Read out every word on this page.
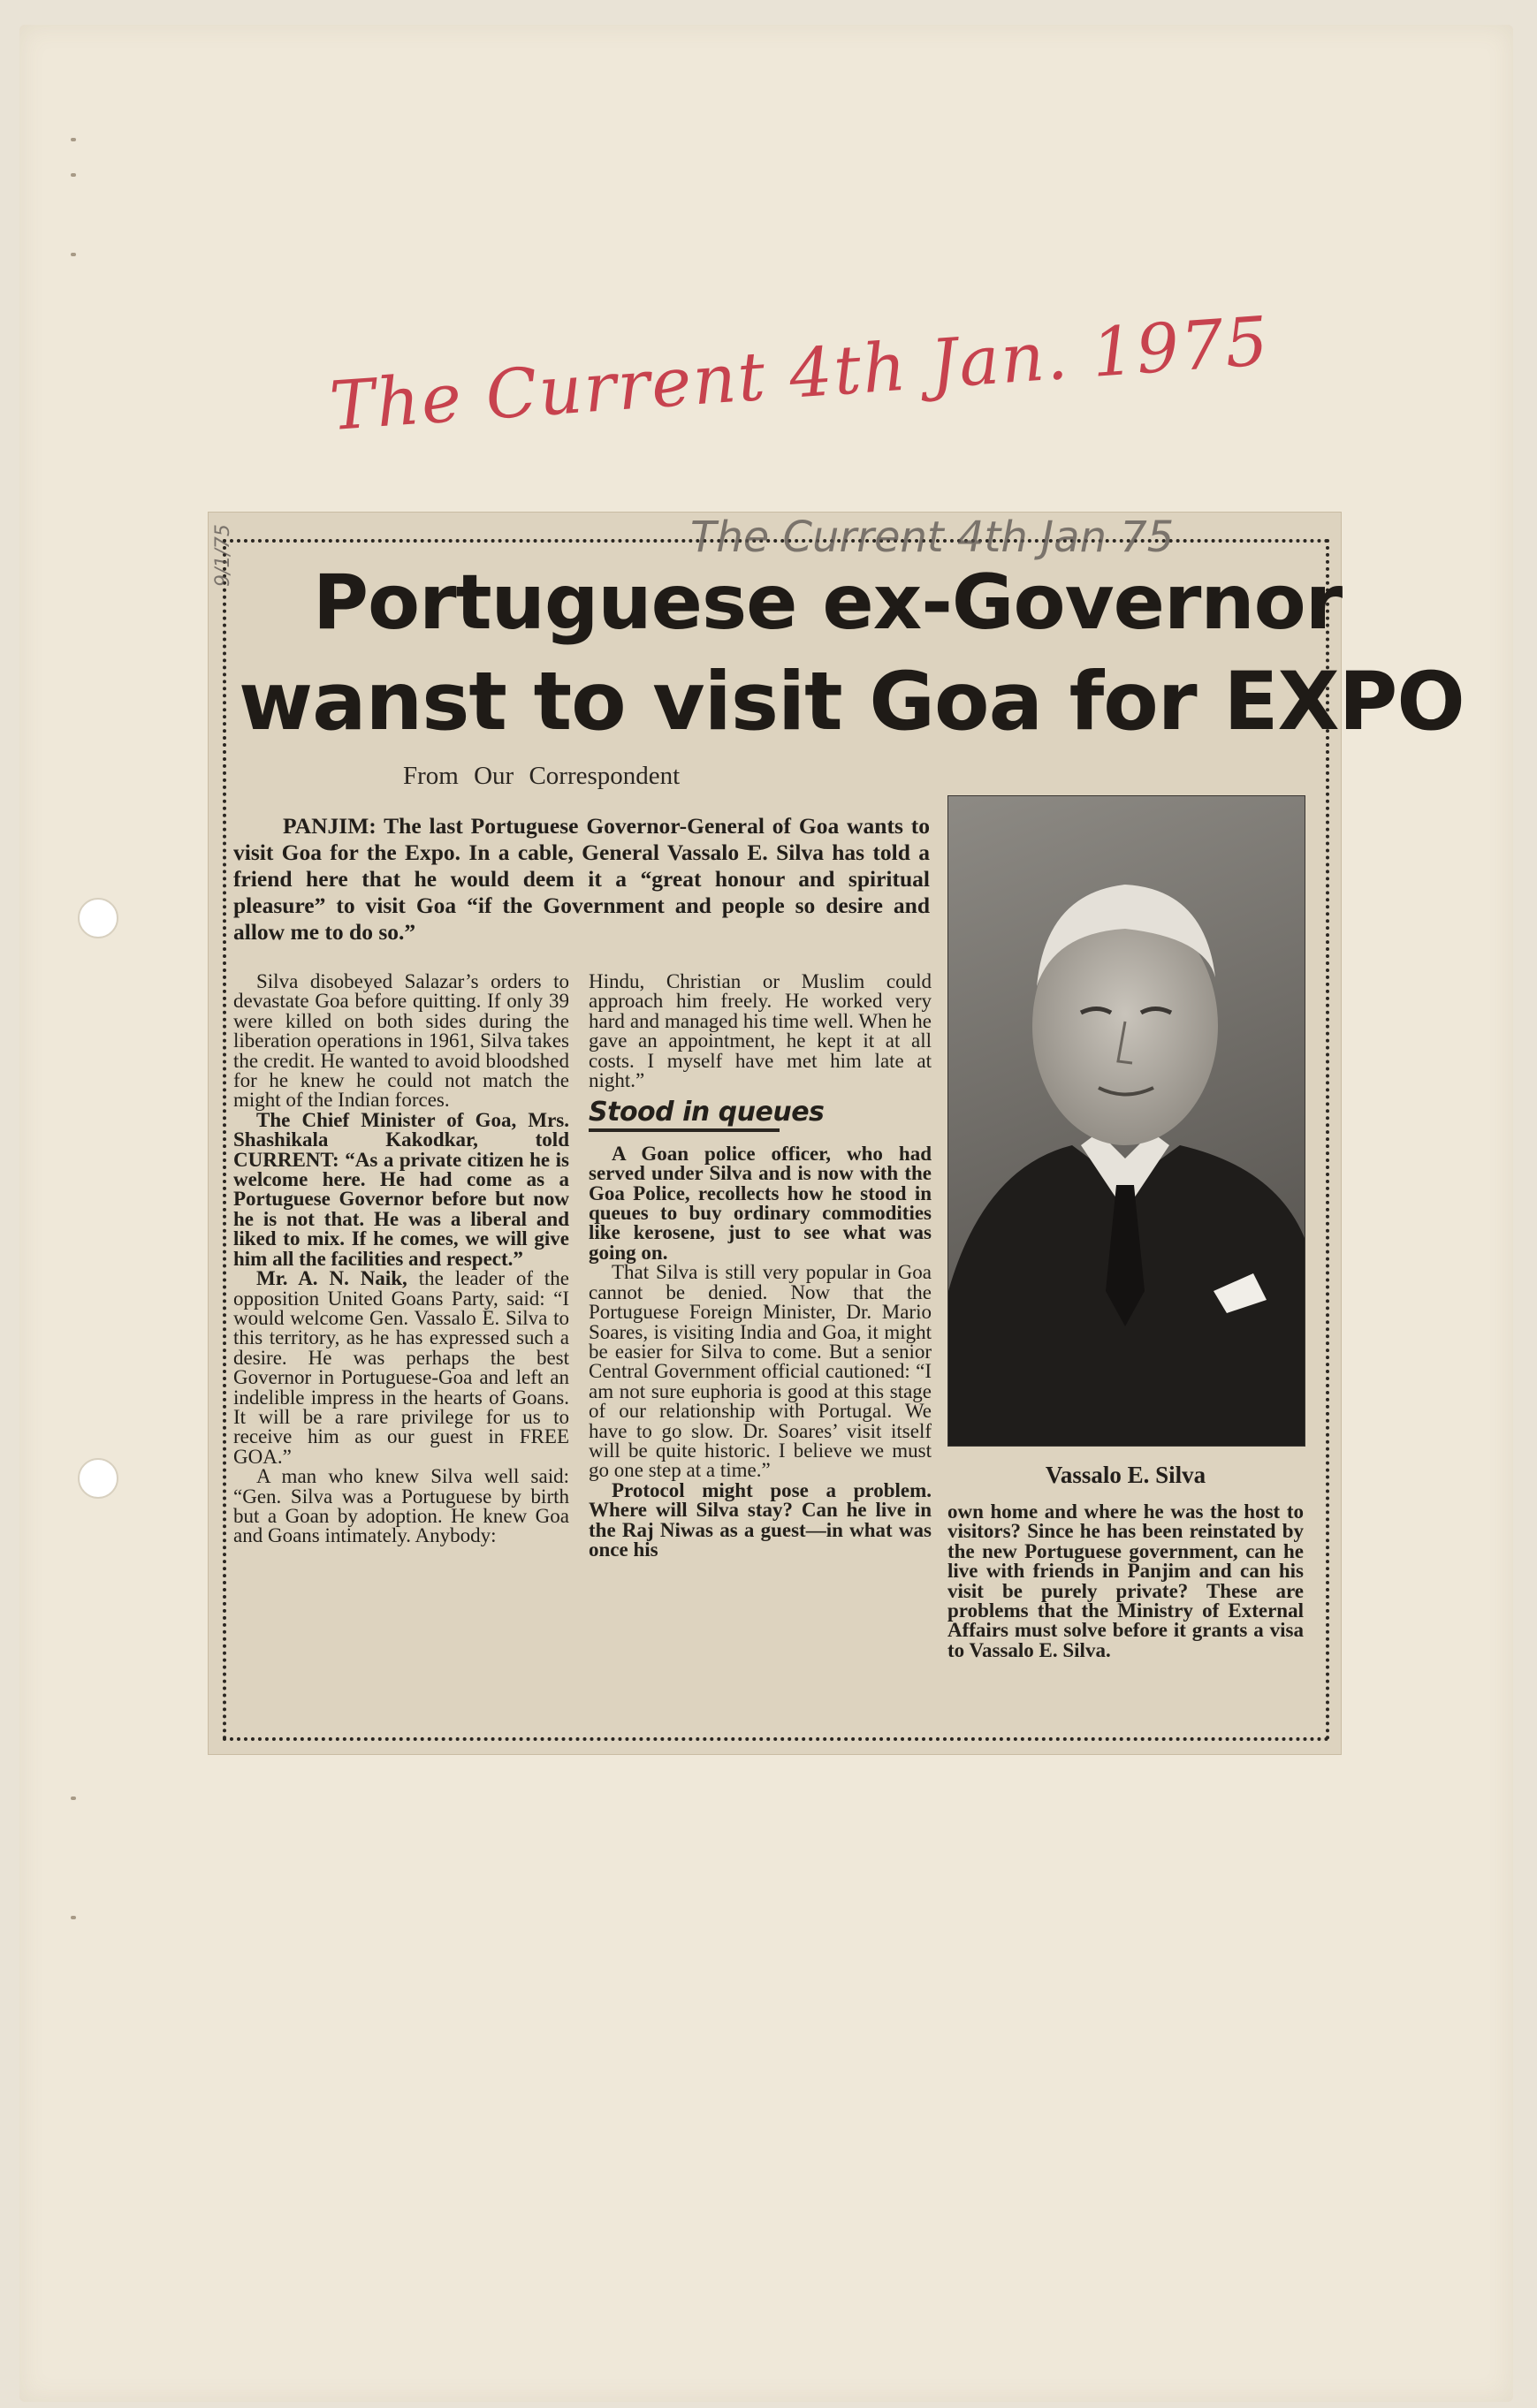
The Current 4th Jan. 1975
The Current 4th Jan 75
9/1/75
Portuguese ex-Governor
wanst to visit Goa for EXPO
From Our Correspondent
PANJIM: The last Portuguese Governor-General of Goa wants to visit Goa for the Expo. In a cable, General Vassalo E. Silva has told a friend here that he would deem it a “great honour and spiritual pleasure” to visit Goa “if the Government and people so desire and allow me to do so.”

Silva disobeyed Salazar’s orders to devastate Goa before quitting. If only 39 were killed on both sides during the liberation operations in 1961, Silva takes the credit. He wanted to avoid bloodshed for he knew he could not match the might of the Indian forces.

The Chief Minister of Goa, Mrs. Shashikala Kakodkar, told CURRENT: “As a private citizen he is welcome here. He had come as a Portuguese Governor before but now he is not that. He was a liberal and liked to mix. If he comes, we will give him all the facilities and respect.”

Mr. A. N. Naik, the leader of the opposition United Goans Party, said: “I would welcome Gen. Vassalo E. Silva to this territory, as he has expressed such a desire. He was perhaps the best Governor in Portuguese-Goa and left an indelible impress in the hearts of Goans. It will be a rare privilege for us to receive him as our guest in FREE GOA.”

A man who knew Silva well said: “Gen. Silva was a Portuguese by birth but a Goan by adoption. He knew Goa and Goans intimately. Anybody:

Hindu, Christian or Muslim could approach him freely. He worked very hard and managed his time well. When he gave an appointment, he kept it at all costs. I myself have met him late at night.”

Stood in queues

A Goan police officer, who had served under Silva and is now with the Goa Police, recollects how he stood in queues to buy ordinary commodities like kerosene, just to see what was going on.

That Silva is still very popular in Goa cannot be denied. Now that the Portuguese Foreign Minister, Dr. Mario Soares, is visiting India and Goa, it might be easier for Silva to come. But a senior Central Government official cautioned: “I am not sure euphoria is good at this stage of our relationship with Portugal. We have to go slow. Dr. Soares’ visit itself will be quite historic. I believe we must go one step at a time.”

Protocol might pose a problem. Where will Silva stay? Can he live in the Raj Niwas as a guest—in what was once his

Vassalo E. Silva

own home and where he was the host to visitors? Since he has been reinstated by the new Portuguese government, can he live with friends in Panjim and can his visit be purely private? These are problems that the Ministry of External Affairs must solve before it grants a visa to Vassalo E. Silva.
